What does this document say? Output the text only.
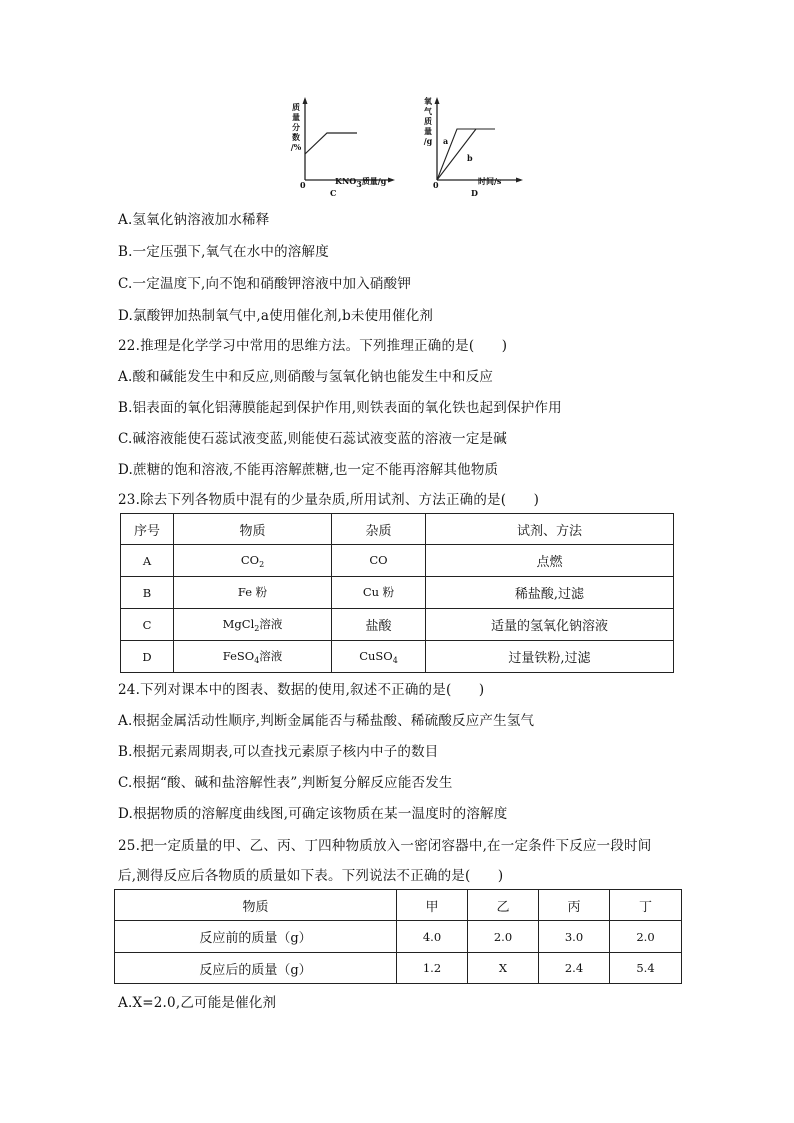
质
量
分
数
/%
0	$KNO_3$质量/g
C
氧
气
质
量
/g a
b
0	时间/s
D
A.氢氧化钠溶液加水稀释
B.一定压强下,氧气在水中的溶解度
C.一定温度下,向不饱和硝酸钾溶液中加入硝酸钾
D.氯酸钾加热制氧气中,a使用催化剂,b未使用催化剂
22.推理是化学学习中常用的思维方法。下列推理正确的是(　　)
A.酸和碱能发生中和反应,则硝酸与氢氧化钠也能发生中和反应
B.铝表面的氧化铝薄膜能起到保护作用,则铁表面的氧化铁也起到保护作用
C.碱溶液能使石蕊试液变蓝,则能使石蕊试液变蓝的溶液一定是碱
D.蔗糖的饱和溶液,不能再溶解蔗糖,也一定不能再溶解其他物质
23.除去下列各物质中混有的少量杂质,所用试剂、方法正确的是(　　)
序号	物质	杂质	试剂、方法
A	$CO_2$	CO	点燃
B	Fe 粉	Cu 粉	稀盐酸,过滤
C	MgCl$_2$溶液	盐酸	适量的氢氧化钠溶液
D	FeSO$_4$溶液	CuSO$_4$	过量铁粉,过滤
24.下列对课本中的图表、数据的使用,叙述不正确的是(　　)
A.根据金属活动性顺序,判断金属能否与稀盐酸、稀硫酸反应产生氢气
B.根据元素周期表,可以查找元素原子核内中子的数目
C.根据“酸、碱和盐溶解性表”,判断复分解反应能否发生
D.根据物质的溶解度曲线图,可确定该物质在某一温度时的溶解度
25.把一定质量的甲、乙、丙、丁四种物质放入一密闭容器中,在一定条件下反应一段时间
后,测得反应后各物质的质量如下表。下列说法不正确的是(　　)
物质	甲	乙	丙	丁
反应前的质量（g）	4.0	2.0	3.0	2.0
反应后的质量（g）	1.2	X	2.4	5.4
A.X=2.0,乙可能是催化剂
